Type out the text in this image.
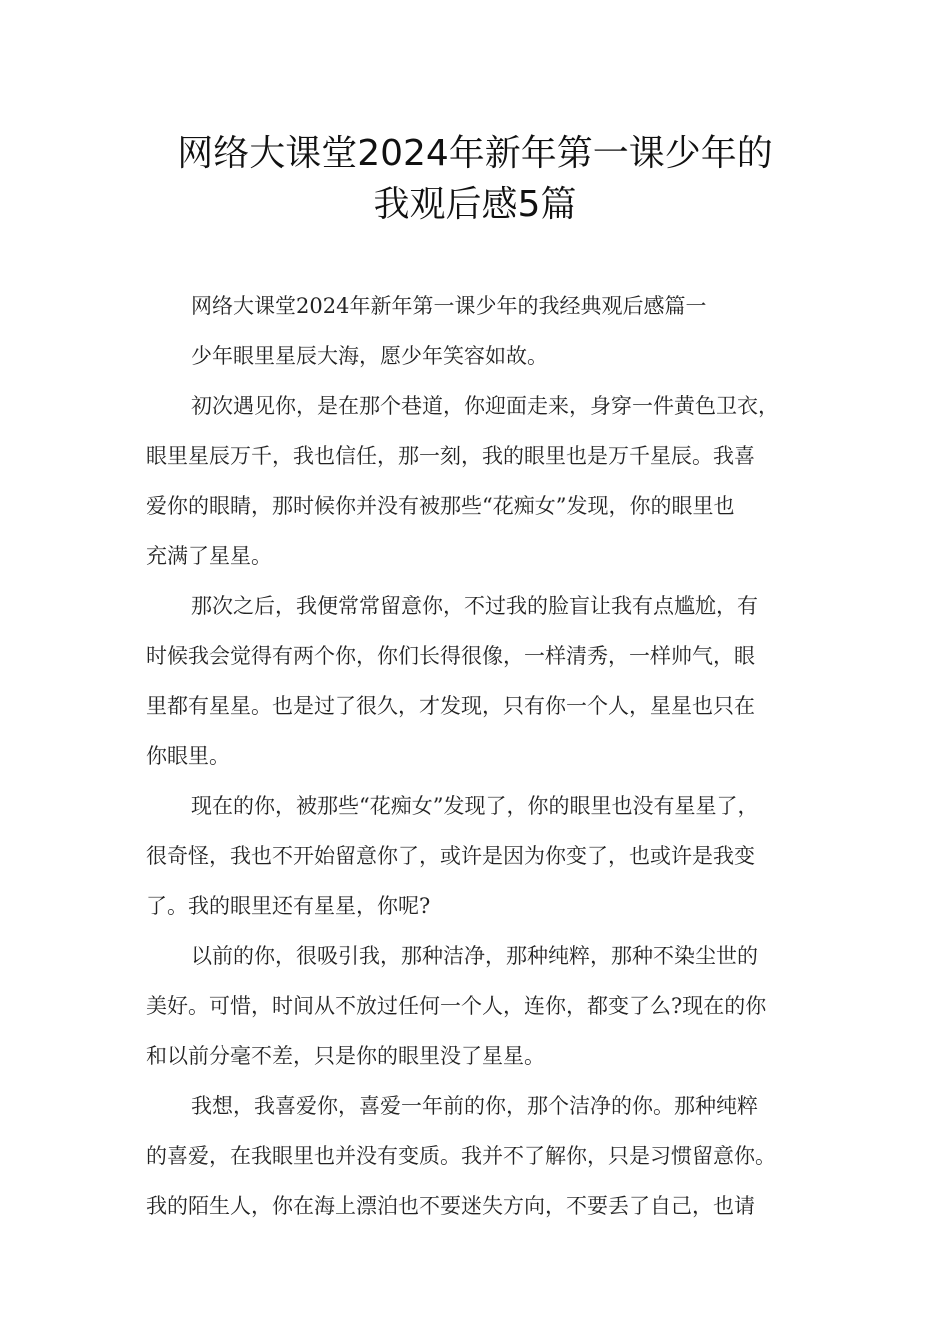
网络大课堂2024年新年第一课少年的
我观后感5篇

网络大课堂2024年新年第一课少年的我经典观后感篇一

少年眼里星辰大海，愿少年笑容如故。

初次遇见你，是在那个巷道，你迎面走来，身穿一件黄色卫衣，

眼里星辰万千，我也信任，那一刻，我的眼里也是万千星辰。我喜

爱你的眼睛，那时候你并没有被那些“花痴女”发现，你的眼里也

充满了星星。

那次之后，我便常常留意你，不过我的脸盲让我有点尴尬，有

时候我会觉得有两个你，你们长得很像，一样清秀，一样帅气，眼

里都有星星。也是过了很久，才发现，只有你一个人，星星也只在

你眼里。

现在的你，被那些“花痴女”发现了，你的眼里也没有星星了，

很奇怪，我也不开始留意你了，或许是因为你变了，也或许是我变

了。我的眼里还有星星，你呢?

以前的你，很吸引我，那种洁净，那种纯粹，那种不染尘世的

美好。可惜，时间从不放过任何一个人，连你，都变了么?现在的你

和以前分毫不差，只是你的眼里没了星星。

我想，我喜爱你，喜爱一年前的你，那个洁净的你。那种纯粹

的喜爱，在我眼里也并没有变质。我并不了解你，只是习惯留意你。

我的陌生人，你在海上漂泊也不要迷失方向，不要丢了自己，也请
